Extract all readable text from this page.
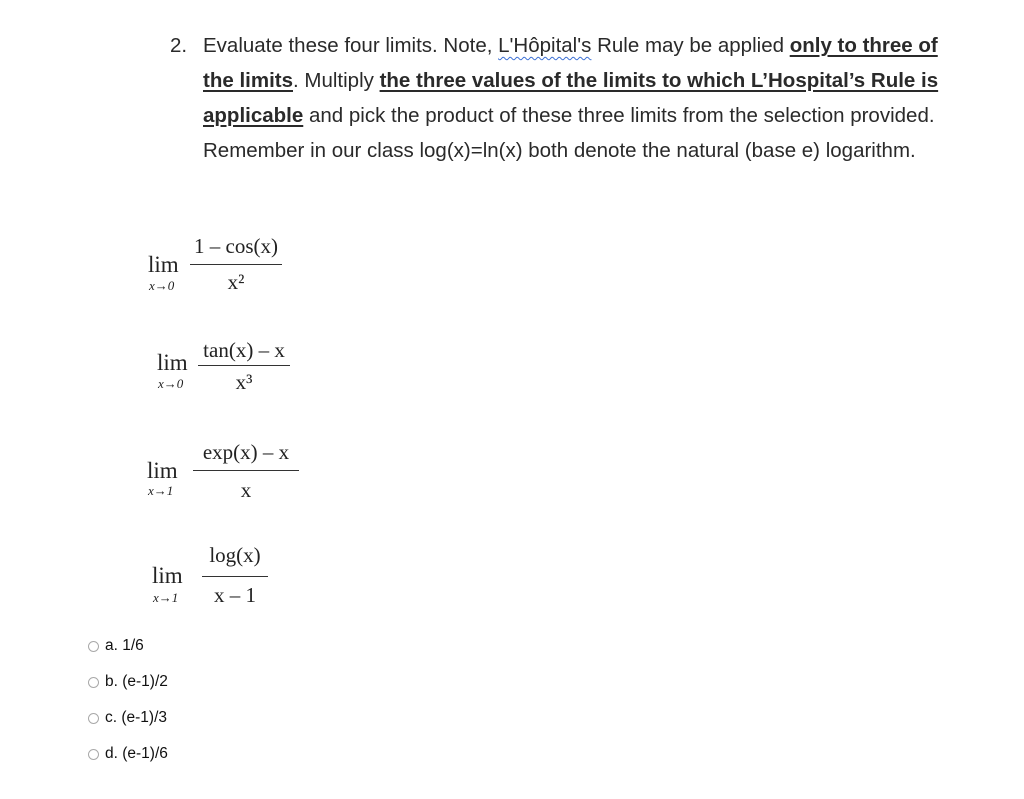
2. Evaluate these four limits. Note, L'Hôpital's Rule may be applied only to three of the limits. Multiply the three values of the limits to which L’Hospital’s Rule is applicable and pick the product of these three limits from the selection provided. Remember in our class log(x)=ln(x) both denote the natural (base e) logarithm.
lim
x→0
1 – cos(x)
x²
lim
x→0
tan(x) – x
x³
lim
x→1
exp(x) – x
x
lim
x→1
log(x)
x – 1
a. 1/6
b. (e-1)/2
c. (e-1)/3
d. (e-1)/6
